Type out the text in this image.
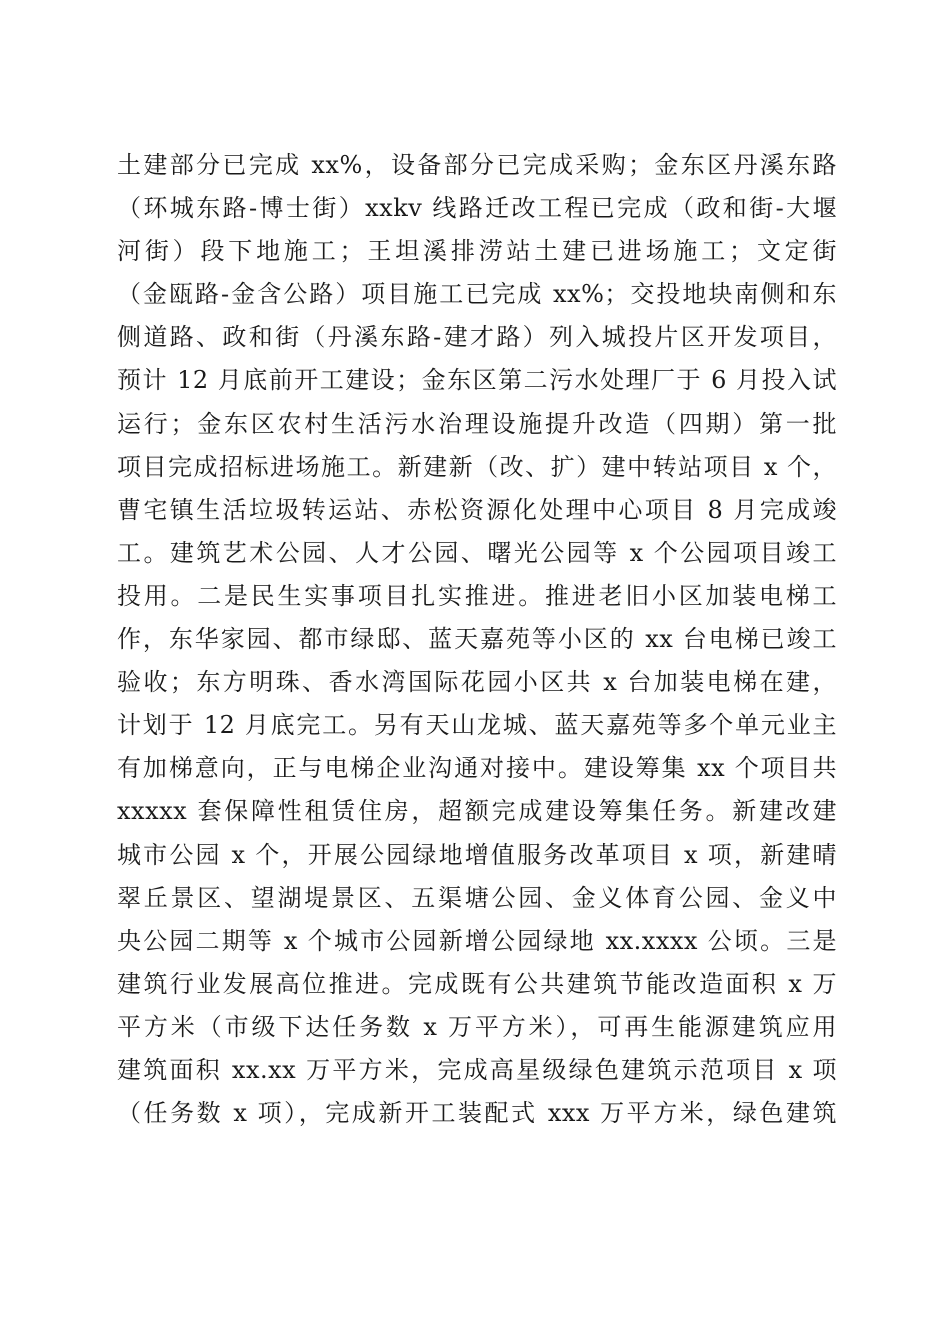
土建部分已完成 xx%，设备部分已完成采购；金东区丹溪东路
（环城东路-博士街）xxkv 线路迁改工程已完成（政和街-大堰
河街）段下地施工；王坦溪排涝站土建已进场施工；文定街
（金瓯路-金含公路）项目施工已完成 xx%；交投地块南侧和东
侧道路、政和街（丹溪东路-建才路）列入城投片区开发项目，
预计 12 月底前开工建设；金东区第二污水处理厂于 6 月投入试
运行；金东区农村生活污水治理设施提升改造（四期）第一批
项目完成招标进场施工。新建新（改、扩）建中转站项目 x 个，
曹宅镇生活垃圾转运站、赤松资源化处理中心项目 8 月完成竣
工。建筑艺术公园、人才公园、曙光公园等 x 个公园项目竣工
投用。二是民生实事项目扎实推进。推进老旧小区加装电梯工
作，东华家园、都市绿邸、蓝天嘉苑等小区的 xx 台电梯已竣工
验收；东方明珠、香水湾国际花园小区共 x 台加装电梯在建，
计划于 12 月底完工。另有天山龙城、蓝天嘉苑等多个单元业主
有加梯意向，正与电梯企业沟通对接中。建设筹集 xx 个项目共
xxxxx 套保障性租赁住房，超额完成建设筹集任务。新建改建
城市公园 x 个，开展公园绿地增值服务改革项目 x 项，新建晴
翠丘景区、望湖堤景区、五渠塘公园、金义体育公园、金义中
央公园二期等 x 个城市公园新增公园绿地 xx.xxxx 公顷。三是
建筑行业发展高位推进。完成既有公共建筑节能改造面积 x 万
平方米（市级下达任务数 x 万平方米），可再生能源建筑应用
建筑面积 xx.xx 万平方米，完成高星级绿色建筑示范项目 x 项
（任务数 x 项），完成新开工装配式 xxx 万平方米，绿色建筑
